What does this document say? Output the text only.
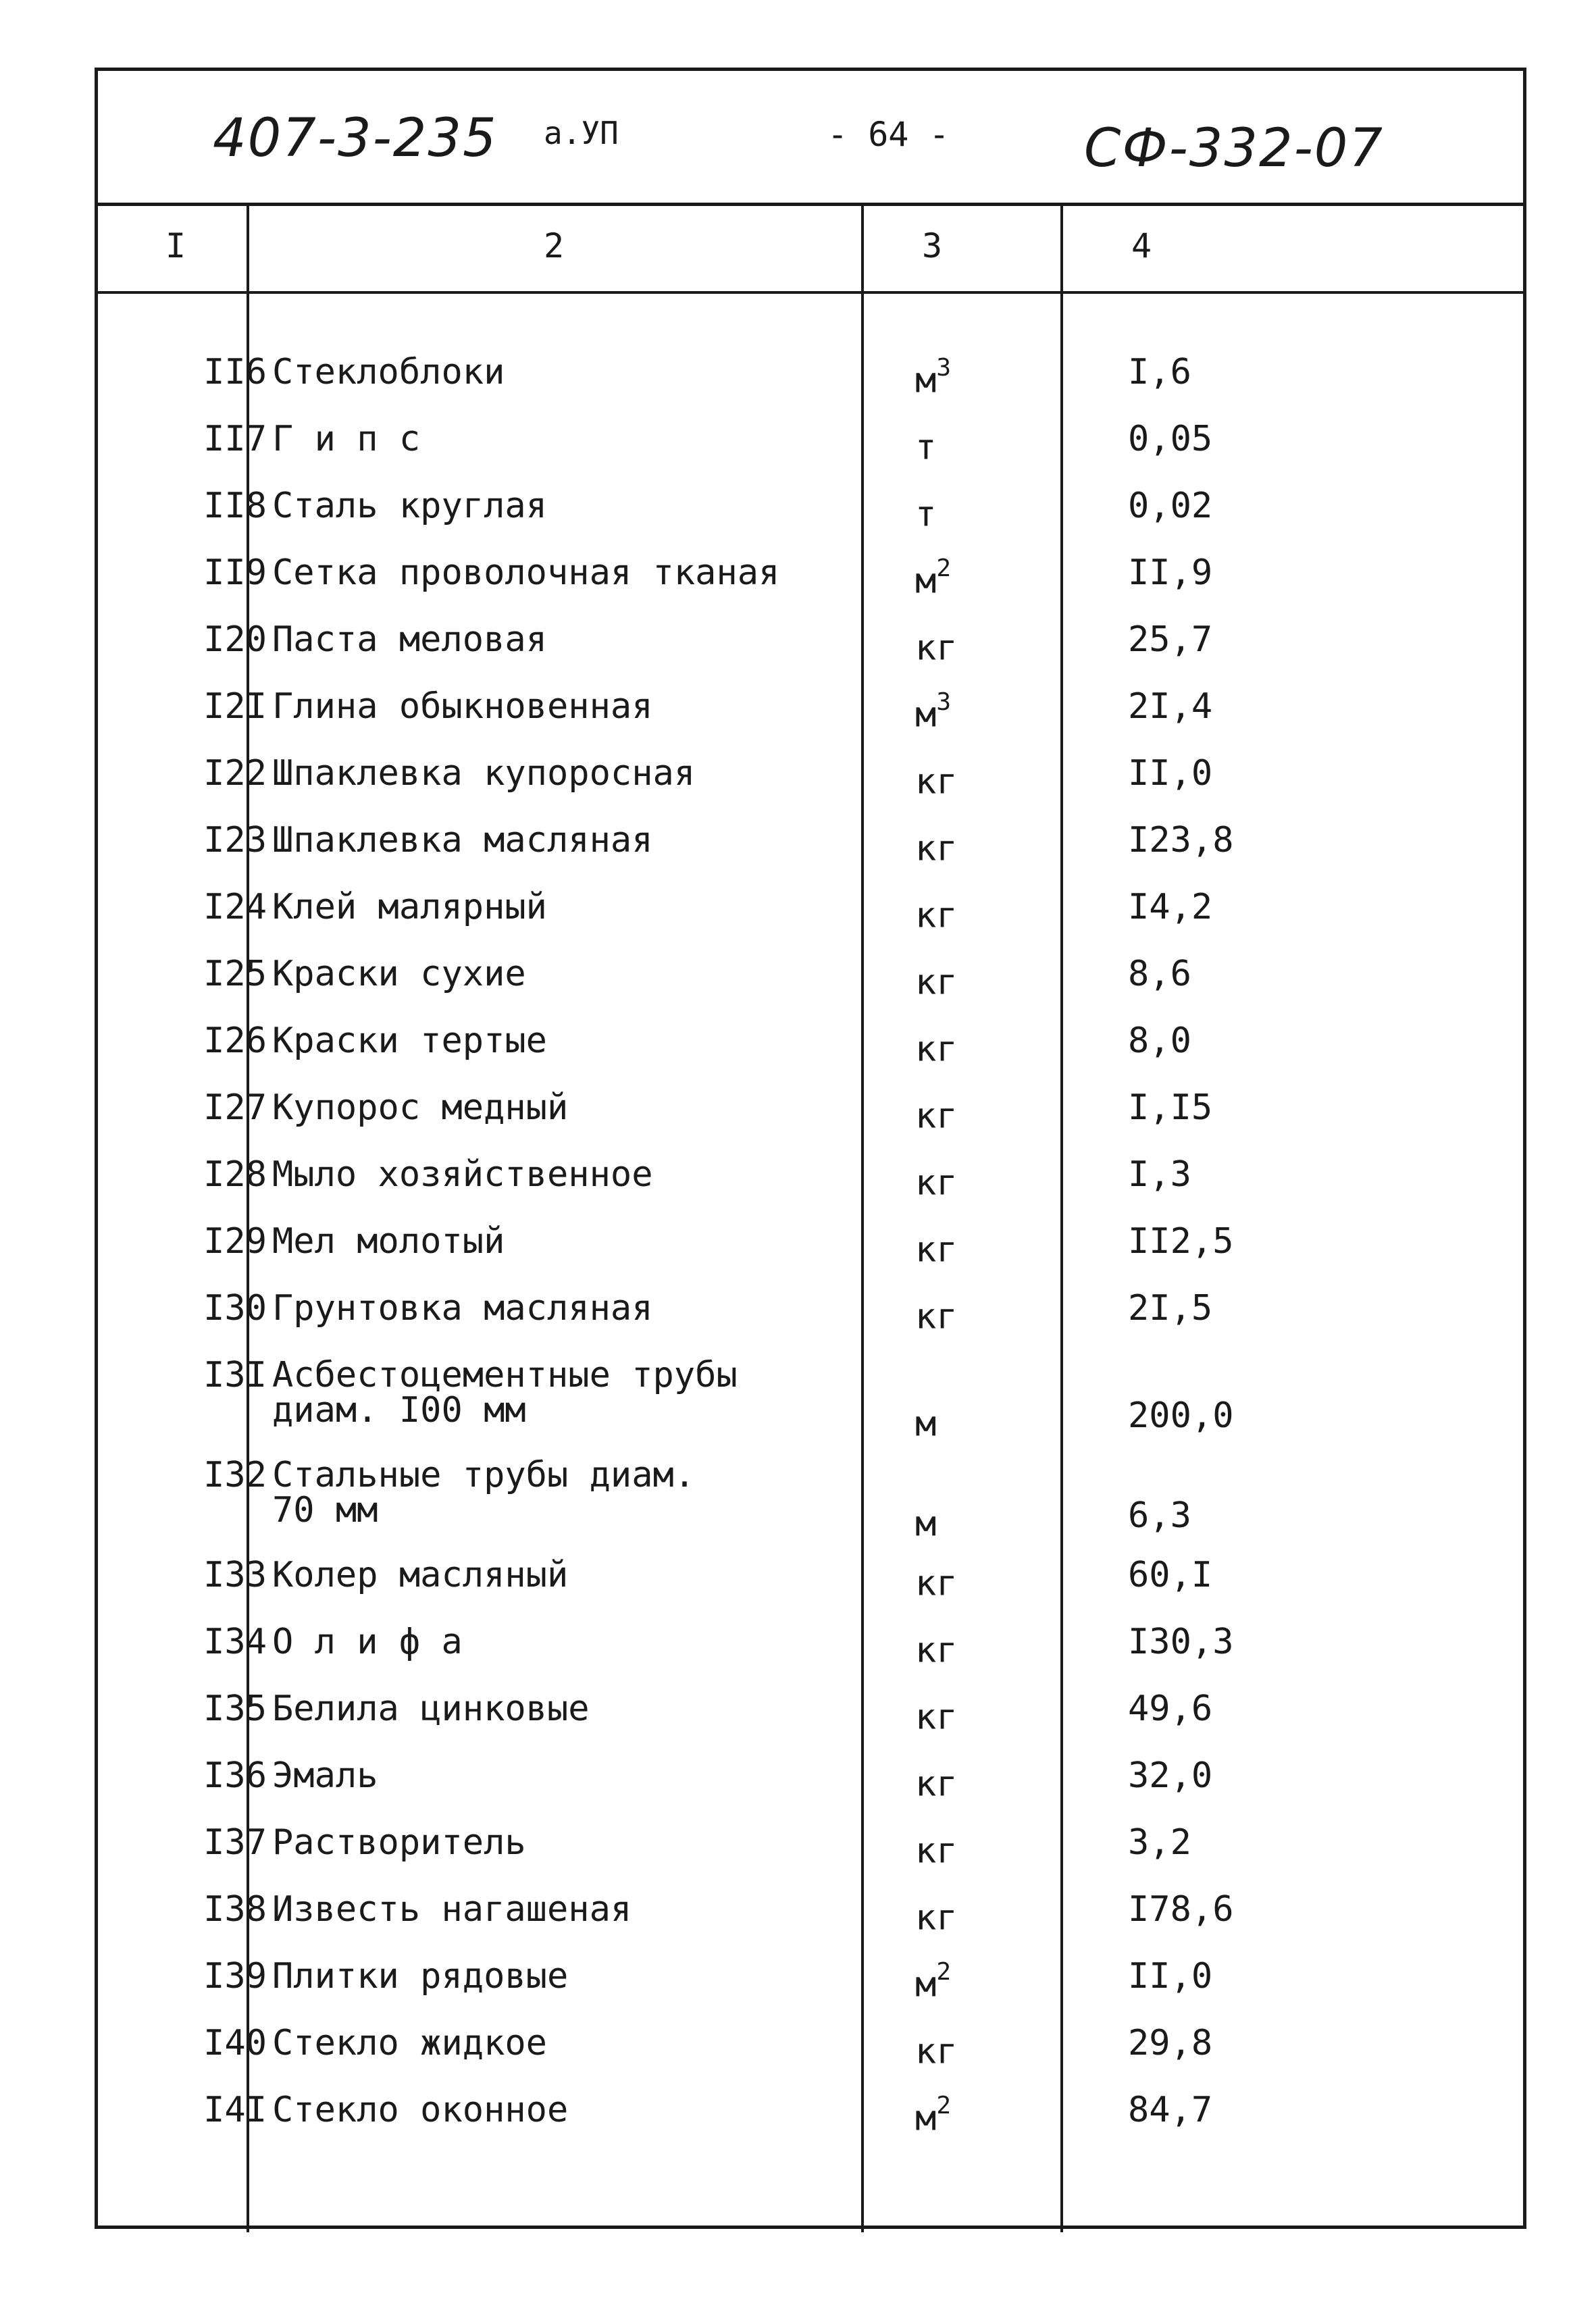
407-3-235 а.УП	- 64 -	СФ-332-07
I	2	3	4
II6 Стеклоблоки	$м^3$	I,6
II7 Г и п с	т	0,05
II8 Сталь круглая	т	0,02
II9 Сетка проволочная тканая	$м^2$	II,9
I20 Паста меловая	кг	25,7
I2I Глина обыкновенная	$м^3$	2I,4
I22 Шпаклевка купоросная	кг	II,0
I23 Шпаклевка масляная	кг	I23,8
I24 Клей малярный	кг	I4,2
I25 Краски сухие	кг	8,6
I26 Краски тертые	кг	8,0
I27 Купорос медный	кг	I,I5
I28 Мыло хозяйственное	кг	I,3
I29 Мел молотый	кг	II2,5
I30 Грунтовка масляная	кг	2I,5
I3I Асбестоцементные трубы
диам. I00 мм	м	200,0
I32 Стальные трубы диам.
70 мм	м	6,3
I33 Колер масляный	кг	60,I
I34 О л и ф а	кг	I30,3
I35 Белила цинковые	кг	49,6
I36 Эмаль	кг	32,0
I37 Растворитель	кг	3,2
I38 Известь нагашеная	кг	I78,6
I39 Плитки рядовые	$м^2$	II,0
I40 Стекло жидкое	кг	29,8
I4I Стекло оконное	$м^2$	84,7
